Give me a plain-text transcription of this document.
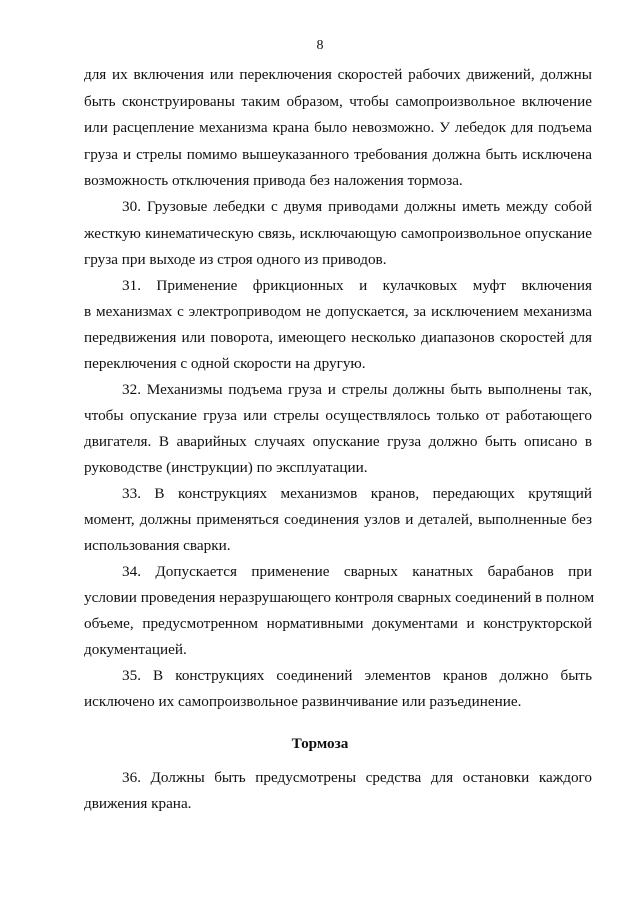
8
для их включения или переключения скоростей рабочих движений, должны
быть сконструированы таким образом, чтобы самопроизвольное включение
или расцепление механизма крана было невозможно. У лебедок для подъема
груза и стрелы помимо вышеуказанного требования должна быть исключена
возможность отключения привода без наложения тормоза.
30. Грузовые лебедки с двумя приводами должны иметь между собой
жесткую кинематическую связь, исключающую самопроизвольное опускание
груза при выходе из строя одного из приводов.
31. Применение фрикционных и кулачковых муфт включения
в механизмах с электроприводом не допускается, за исключением механизма
передвижения или поворота, имеющего несколько диапазонов скоростей для
переключения с одной скорости на другую.
32. Механизмы подъема груза и стрелы должны быть выполнены так,
чтобы опускание груза или стрелы осуществлялось только от работающего
двигателя. В аварийных случаях опускание груза должно быть описано в
руководстве (инструкции) по эксплуатации.
33. В конструкциях механизмов кранов, передающих крутящий
момент, должны применяться соединения узлов и деталей, выполненные без
использования сварки.
34. Допускается применение сварных канатных барабанов при
условии проведения неразрушающего контроля сварных соединений в полном
объеме, предусмотренном нормативными документами и конструкторской
документацией.
35. В конструкциях соединений элементов кранов должно быть
исключено их самопроизвольное развинчивание или разъединение.
Тормоза
36. Должны быть предусмотрены средства для остановки каждого
движения крана.
